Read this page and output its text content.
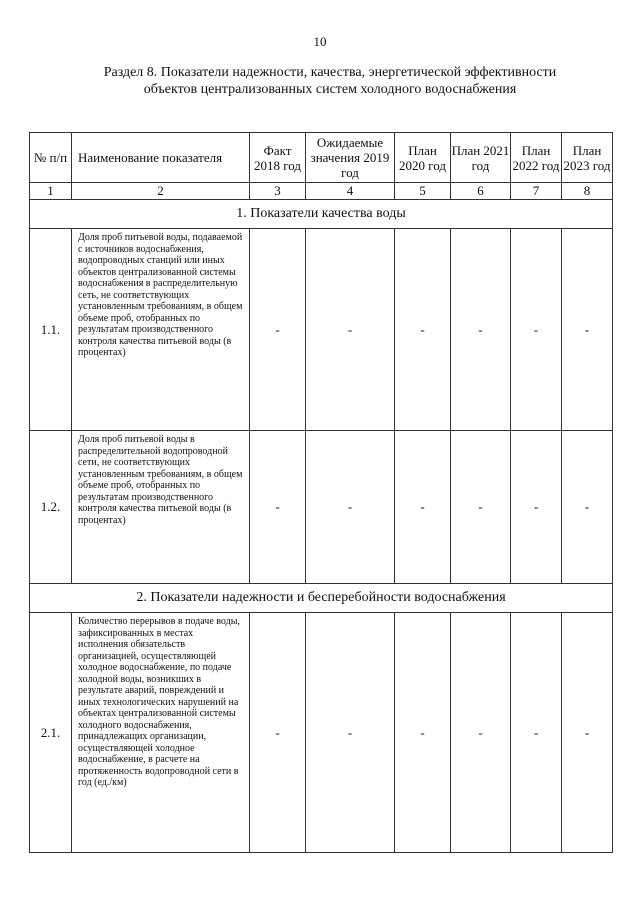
10
Раздел 8. Показатели надежности, качества, энергетической эффективности объектов централизованных систем холодного водоснабжения
№ п/п	Наименование показателя	Факт 2018 год	Ожидаемые значения 2019 год	План 2020 год	План 2021 год	План 2022 год	План 2023 год
1	2	3	4	5	6	7	8
1. Показатели качества воды							
1.1.	Доля проб питьевой воды, подаваемой с источников водоснабжения, водопроводных станций или иных объектов централизованной системы водоснабжения в распределительную сеть, не соответствующих установленным требованиям, в общем объеме проб, отобранных по результатам производственного контроля качества питьевой воды (в процентах)	-	-	-	-	-	-
1.2.	Доля проб питьевой воды в распределительной водопроводной сети, не соответствующих установленным требованиям, в общем объеме проб, отобранных по результатам производственного контроля качества питьевой воды (в процентах)	-	-	-	-	-	-
2. Показатели надежности и бесперебойности водоснабжения							
2.1.	Количество перерывов в подаче воды, зафиксированных в местах исполнения обязательств организацией, осуществляющей холодное водоснабжение, по подаче холодной воды, возникших в результате аварий, повреждений и иных технологических нарушений на объектах централизованной системы холодного водоснабжения, принадлежащих организации, осуществляющей холодное водоснабжение, в расчете на протяженность водопроводной сети в год (ед./км)	-	-	-	-	-	-
